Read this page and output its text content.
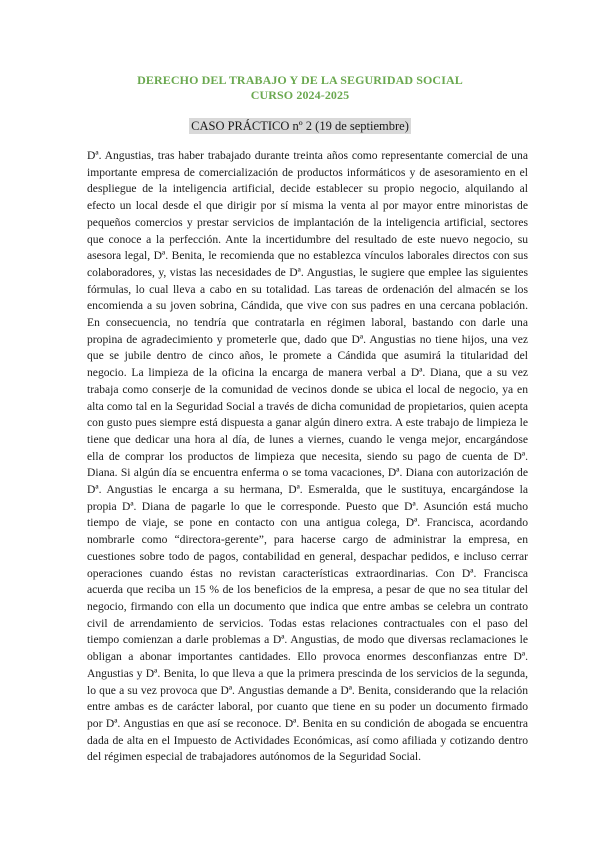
DERECHO DEL TRABAJO Y DE LA SEGURIDAD SOCIAL
CURSO 2024-2025
CASO PRÁCTICO nº 2 (19 de septiembre)

Dª. Angustias, tras haber trabajado durante treinta años como representante comercial de una importante empresa de comercialización de productos informáticos y de asesoramiento en el despliegue de la inteligencia artificial, decide establecer su propio negocio, alquilando al efecto un local desde el que dirigir por sí misma la venta al por mayor entre minoristas de pequeños comercios y prestar servicios de implantación de la inteligencia artificial, sectores que conoce a la perfección. Ante la incertidumbre del resultado de este nuevo negocio, su asesora legal, Dª. Benita, le recomienda que no establezca vínculos laborales directos con sus colaboradores, y, vistas las necesidades de Dª. Angustias, le sugiere que emplee las siguientes fórmulas, lo cual lleva a cabo en su totalidad. Las tareas de ordenación del almacén se los encomienda a su joven sobrina, Cándida, que vive con sus padres en una cercana población. En consecuencia, no tendría que contratarla en régimen laboral, bastando con darle una propina de agradecimiento y prometerle que, dado que Dª. Angustias no tiene hijos, una vez que se jubile dentro de cinco años, le promete a Cándida que asumirá la titularidad del negocio. La limpieza de la oficina la encarga de manera verbal a Dª. Diana, que a su vez trabaja como conserje de la comunidad de vecinos donde se ubica el local de negocio, ya en alta como tal en la Seguridad Social a través de dicha comunidad de propietarios, quien acepta con gusto pues siempre está dispuesta a ganar algún dinero extra. A este trabajo de limpieza le tiene que dedicar una hora al día, de lunes a viernes, cuando le venga mejor, encargándose ella de comprar los productos de limpieza que necesita, siendo su pago de cuenta de Dª. Diana. Si algún día se encuentra enferma o se toma vacaciones, Dª. Diana con autorización de Dª. Angustias le encarga a su hermana, Dª. Esmeralda, que le sustituya, encargándose la propia Dª. Diana de pagarle lo que le corresponde. Puesto que Dª. Asunción está mucho tiempo de viaje, se pone en contacto con una antigua colega, Dª. Francisca, acordando nombrarle como “directora-gerente”, para hacerse cargo de administrar la empresa, en cuestiones sobre todo de pagos, contabilidad en general, despachar pedidos, e incluso cerrar operaciones cuando éstas no revistan características extraordinarias. Con Dª. Francisca acuerda que reciba un 15 % de los beneficios de la empresa, a pesar de que no sea titular del negocio, firmando con ella un documento que indica que entre ambas se celebra un contrato civil de arrendamiento de servicios. Todas estas relaciones contractuales con el paso del tiempo comienzan a darle problemas a Dª. Angustias, de modo que diversas reclamaciones le obligan a abonar importantes cantidades. Ello provoca enormes desconfianzas entre Dª. Angustias y Dª. Benita, lo que lleva a que la primera prescinda de los servicios de la segunda, lo que a su vez provoca que Dª. Angustias demande a Dª. Benita, considerando que la relación entre ambas es de carácter laboral, por cuanto que tiene en su poder un documento firmado por Dª. Angustias en que así se reconoce. Dª. Benita en su condición de abogada se encuentra dada de alta en el Impuesto de Actividades Económicas, así como afiliada y cotizando dentro del régimen especial de trabajadores autónomos de la Seguridad Social.
